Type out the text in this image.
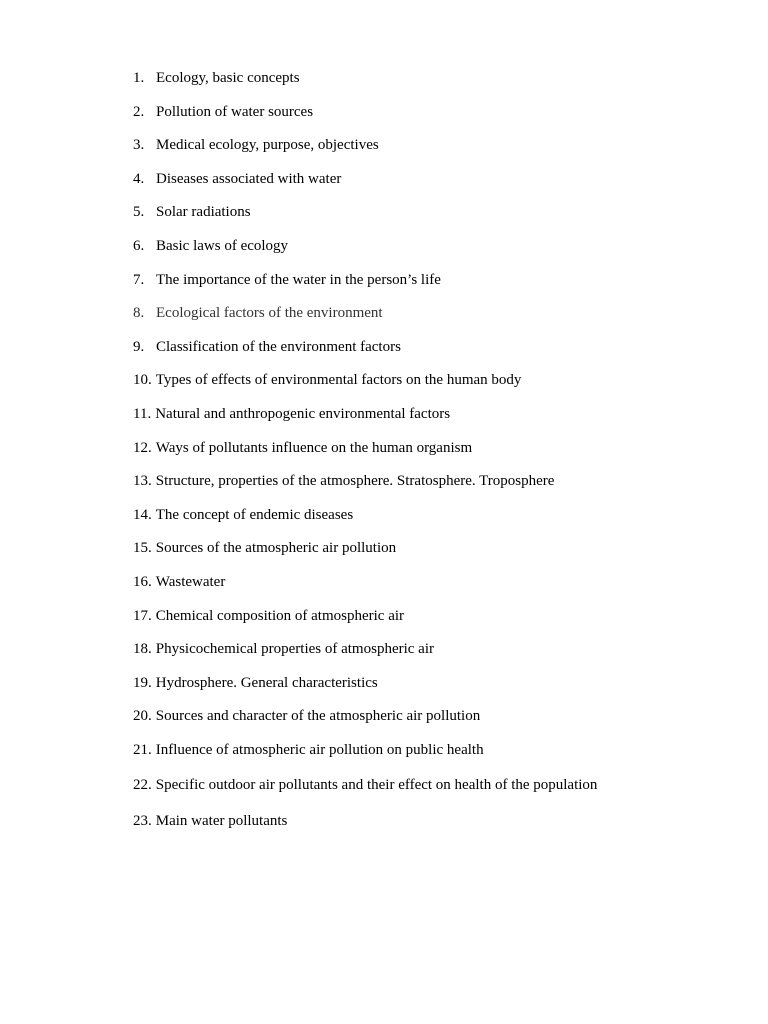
1. Ecology, basic concepts
2. Pollution of water sources
3. Medical ecology, purpose, objectives
4. Diseases associated with water
5. Solar radiations
6. Basic laws of ecology
7. The importance of the water in the person’s life
8. Ecological factors of the environment
9. Classification of the environment factors
10. Types of effects of environmental factors on the human body
11. Natural and anthropogenic environmental factors
12. Ways of pollutants influence on the human organism
13. Structure, properties of the atmosphere. Stratosphere. Troposphere
14. The concept of endemic diseases
15. Sources of the atmospheric air pollution
16. Wastewater
17. Chemical composition of atmospheric air
18. Physicochemical properties of atmospheric air
19. Hydrosphere. General characteristics
20. Sources and character of the atmospheric air pollution
21. Influence of atmospheric air pollution on public health
22. Specific outdoor air pollutants and their effect on health of the population
23. Main water pollutants
